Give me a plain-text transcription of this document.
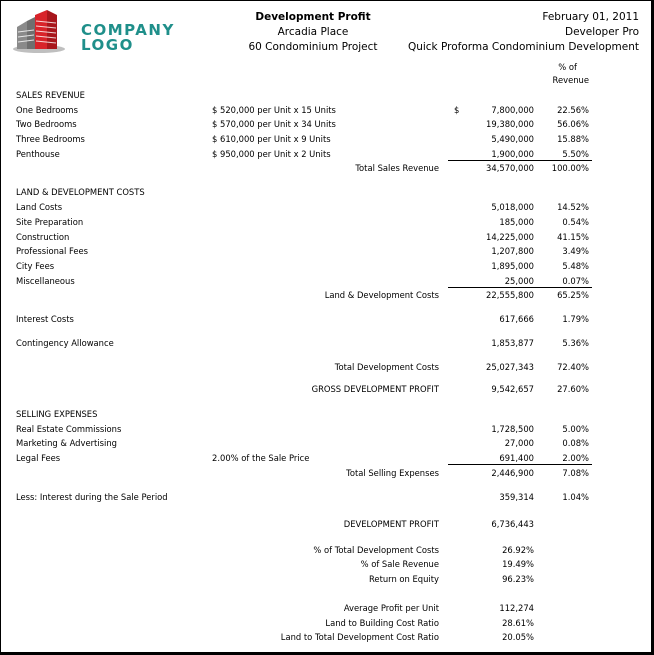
COMPANY
LOGO
Development Profit
Arcadia Place
60 Condominium Project
February 01, 2011
Developer Pro
Quick Proforma Condominium Development
% of
Revenue
SALES REVENUE
One Bedrooms	$ 520,000 per Unit x 15 Units	$	7,800,000	22.56%
Two Bedrooms	$ 570,000 per Unit x 34 Units	19,380,000	56.06%
Three Bedrooms	$ 610,000 per Unit x 9 Units	5,490,000	15.88%
Penthouse	$ 950,000 per Unit x 2 Units	1,900,000	5.50%
Total Sales Revenue	34,570,000	100.00%
LAND & DEVELOPMENT COSTS
Land Costs	5,018,000	14.52%
Site Preparation	185,000	0.54%
Construction	14,225,000	41.15%
Professional Fees	1,207,800	3.49%
City Fees	1,895,000	5.48%
Miscellaneous	25,000	0.07%
Land & Development Costs	22,555,800	65.25%
Interest Costs	617,666	1.79%
Contingency Allowance	1,853,877	5.36%
Total Development Costs	25,027,343	72.40%
GROSS DEVELOPMENT PROFIT	9,542,657	27.60%
SELLING EXPENSES
Real Estate Commissions	1,728,500	5.00%
Marketing & Advertising	27,000	0.08%
Legal Fees	2.00% of the Sale Price	691,400	2.00%
Total Selling Expenses	2,446,900	7.08%
Less: Interest during the Sale Period	359,314	1.04%
DEVELOPMENT PROFIT	6,736,443
% of Total Development Costs	26.92%
% of Sale Revenue	19.49%
Return on Equity	96.23%
Average Profit per Unit	112,274
Land to Building Cost Ratio	28.61%
Land to Total Development Cost Ratio	20.05%
